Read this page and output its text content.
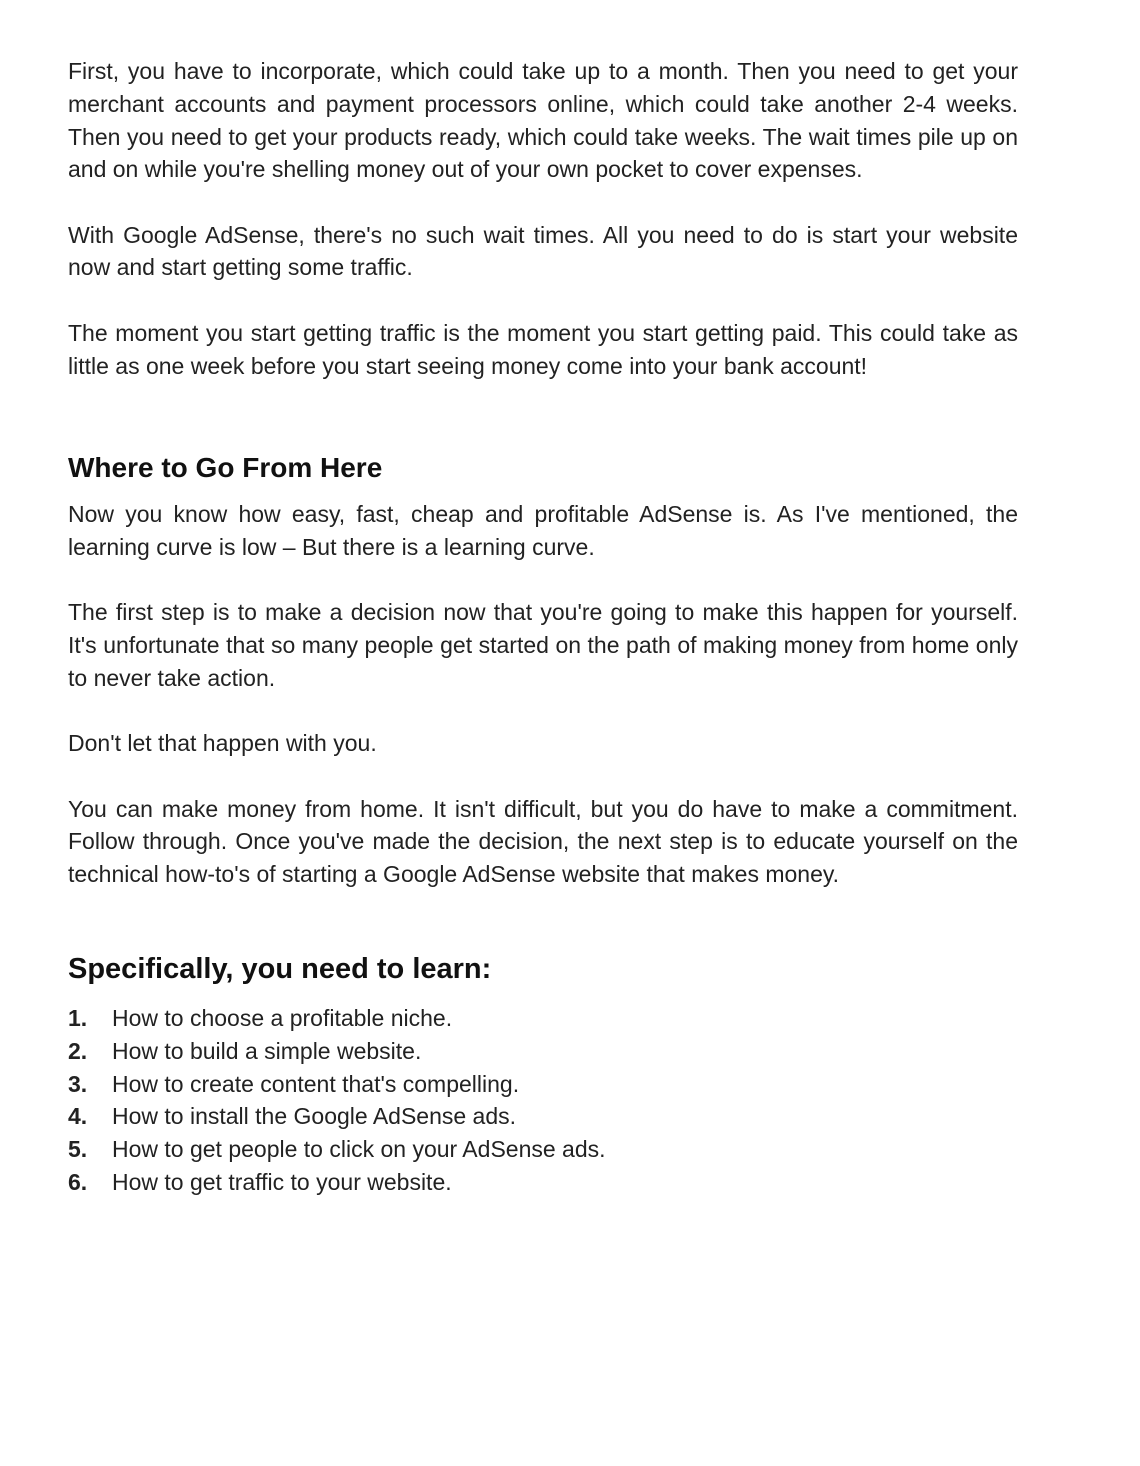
First, you have to incorporate, which could take up to a month. Then you need to get your merchant accounts and payment processors online, which could take another 2-4 weeks. Then you need to get your products ready, which could take weeks. The wait times pile up on and on while you're shelling money out of your own pocket to cover expenses.

With Google AdSense, there's no such wait times. All you need to do is start your website now and start getting some traffic.

The moment you start getting traffic is the moment you start getting paid. This could take as little as one week before you start seeing money come into your bank account!

Where to Go From Here

Now you know how easy, fast, cheap and profitable AdSense is. As I've mentioned, the learning curve is low – But there is a learning curve.

The first step is to make a decision now that you're going to make this happen for yourself. It's unfortunate that so many people get started on the path of making money from home only to never take action.

Don't let that happen with you.

You can make money from home. It isn't difficult, but you do have to make a commitment. Follow through. Once you've made the decision, the next step is to educate yourself on the technical how-to's of starting a Google AdSense website that makes money.

Specifically, you need to learn:
1.	How to choose a profitable niche.
2.	How to build a simple website.
3.	How to create content that's compelling.
4.	How to install the Google AdSense ads.
5.	How to get people to click on your AdSense ads.
6.	How to get traffic to your website.
